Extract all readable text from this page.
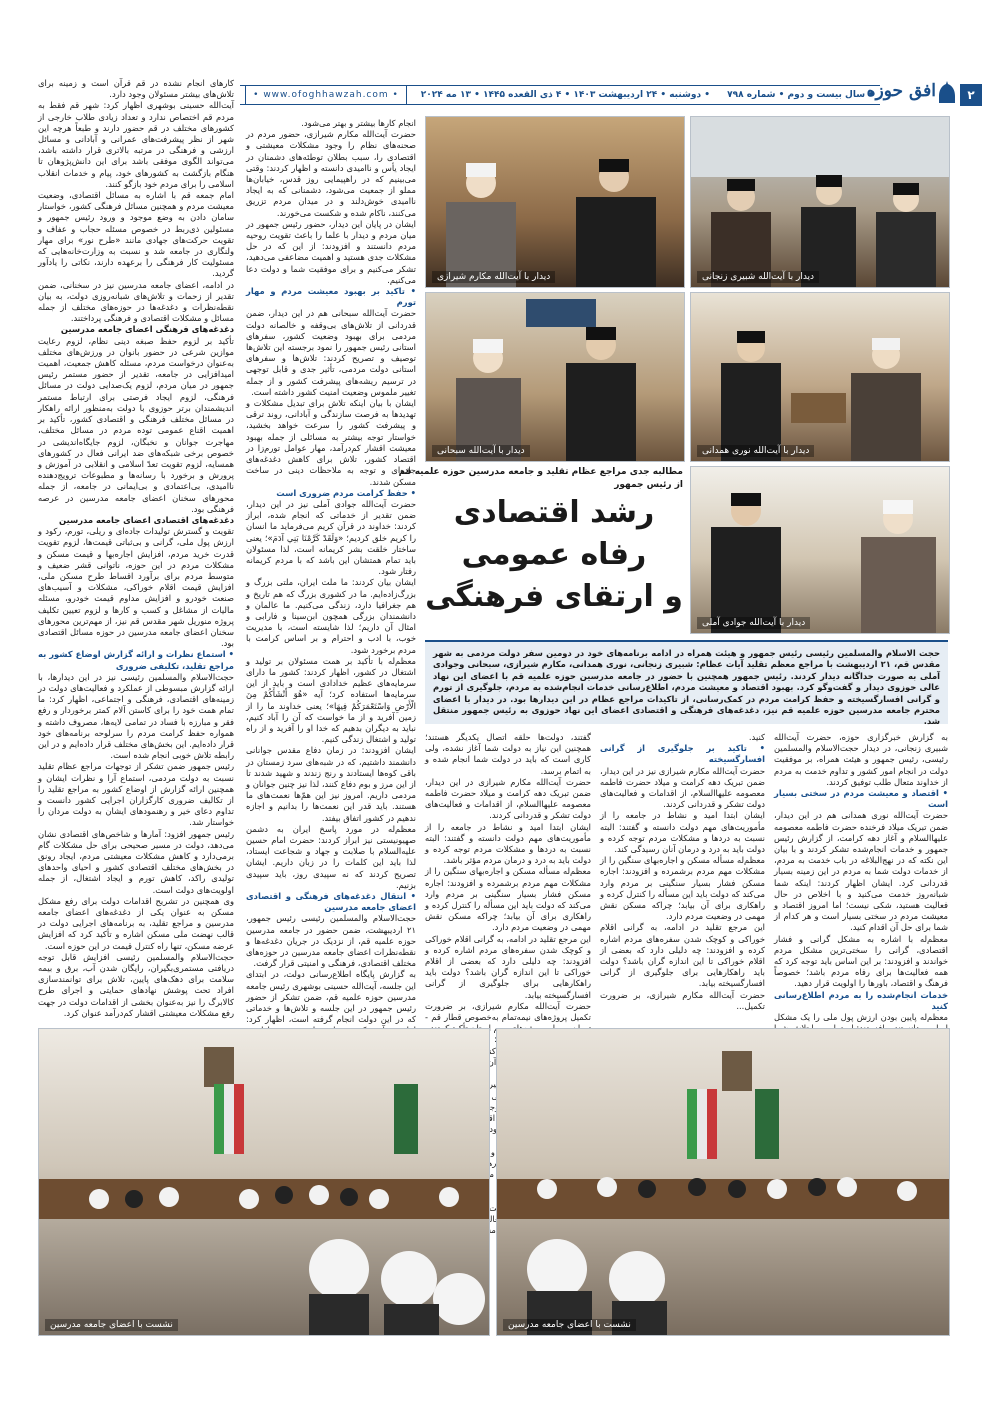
۲
افق حوزه
• سال بیست و دوم • شماره ۷۹۸ • دوشنبه • ۲۴ اردیبهشت ۱۴۰۳ • ۴ ذی القعده ۱۴۴۵ • ۱۳ مه ۲۰۲۴
• www.ofoghhawzah.com •
کارهای انجام نشده در قم قرآن است و زمینه برای تلاش‌های بیشتر مسئولان وجود دارد.
آیت‌الله حسینی بوشهری اظهار کرد: شهر قم فقط به مردم قم اختصاص ندارد و تعداد زیادی طلاب خارجی از کشورهای مختلف در قم حضور دارند و طبعاً هرچه این شهر از نظر پیشرفت‌های عمرانی و آبادانی و مسائل ارزشی و فرهنگی در مرتبه بالاتری قرار داشته باشد، می‌تواند الگوی موفقی باشد برای این دانش‌پژوهان تا هنگام بازگشت به کشورهای خود، پیام و خدمات انقلاب اسلامی را برای مردم خود بازگو کنند.
امام جمعه قم با اشاره به مسائل اقتصادی، وضعیت معیشت مردم و همچنین مسائل فرهنگی کشور، خواستار سامان دادن به وضع موجود و ورود رئیس جمهور و مسئولین ذی‌ربط در خصوص مسئله حجاب و عفاف و تقویت حرکت‌های جهادی مانند «طرح نور» برای مهار ولنگاری در جامعه شد و نسبت به وزارت‌خانه‌هایی که مسئولیت کار فرهنگی را برعهده دارند، نکاتی را یادآور گردید.
در ادامه، اعضای جامعه مدرسین نیز در سخنانی، ضمن تقدیر از زحمات و تلاش‌های شبانه‌روزی دولت، به بیان نقطه‌نظرات و دغدغه‌ها در حوزه‌های مختلف از جمله مسائل و مشکلات اقتصادی و فرهنگی پرداختند.
دغدغه‌های فرهنگی اعضای جامعه مدرسین
تأکید بر لزوم حفظ صبغه دینی نظام، لزوم رعایت موازین شرعی در حضور بانوان در ورزش‌های مختلف به‌عنوان درخواست مردم، مسئله کاهش جمعیت، اهمیت امیدافزایی در جامعه، تقدیر از حضور مستمر رئیس جمهور در میان مردم، لزوم یک‌صدایی دولت در مسائل فرهنگی، لزوم ایجاد فرصتی برای ارتباط مستمر اندیشمندان برتر حوزوی با دولت به‌منظور ارائه راهکار در مسائل مختلف فرهنگی و اقتصادی کشور، تأکید بر اهمیت اقناع عمومی توده مردم در مسائل مختلف، مهاجرت جوانان و نخبگان، لزوم جایگاه‌اندیشی در خصوص برخی شبکه‌های ضد ایرانی فعال در کشورهای همسایه، لزوم تقویت تعدّ اسلامی و انقلابی در آموزش و پرورش و برخورد با رسانه‌ها و مطبوعات ترویج‌دهنده ناامیدی، بی‌اعتمادی و بی‌ایمانی در جامعه، از جمله محورهای سخنان اعضای جامعه مدرسین در عرصه فرهنگی بود.
دغدغه‌های اقتصادی اعضای جامعه مدرسین
تقویت و گسترش تولیدات جاده‌ای و ریلی، تورم، رکود و ارزش پول ملی، گرانی و بی‌ثباتی قیمت‌ها، لزوم تقویت قدرت خرید مردم، افزایش اجاره‌بها و قیمت مسکن و مشکلات مردم در این حوزه، ناتوانی قشر ضعیف و متوسط مردم برای برآورد اقساط طرح مسکن ملی، افزایش قیمت اقلام خوراکی، مشکلات و آسیب‌های صنعت خودرو و افزایش مداوم قیمت خودرو، مسئله مالیات از مشاغل و کسب و کارها و لزوم تعیین تکلیف پروژه منوریل شهر مقدس قم نیز، از مهم‌ترین محورهای سخنان اعضای جامعه مدرسین در حوزه مسائل اقتصادی بود.
• استماع نظرات و ارائه گزارش اوضاع کشور به مراجع تقلید، تکلیفی ضروری
حجت‌الاسلام والمسلمین رئیسی نیز در این دیدارها، با ارائه گزارش مبسوطی از عملکرد و فعالیت‌های دولت در زمینه‌های اقتصادی، فرهنگی و اجتماعی، اظهار کرد: ما تمام همت خود را برای کاستن آلام کمتر برخوردار و رفع فقر و مبارزه با فساد در تمامی لایه‌ها، مصروف داشته و همواره حفظ کرامت مردم را سرلوحه برنامه‌های خود قرار داده‌ایم. این بخش‌های مختلف قرار داده‌ایم و در این رابطه تلاش خوبی انجام شده است.
رئیس جمهور ضمن تشکر از توجهات مراجع عظام تقلید نسبت به دولت مردمی، استماع آرا و نظرات ایشان و همچنین ارائه گزارش از اوضاع کشور به مراجع تقلید را از تکالیف ضروری کارگزاران اجرایی کشور دانست و تداوم دعای خیر و رهنمودهای ایشان به دولت مردان را خواستار شد.
رئیس جمهور افزود: آمارها و شاخص‌های اقتصادی نشان می‌دهد، دولت در مسیر صحیحی برای حل مشکلات گام برمی‌دارد و کاهش مشکلات معیشتی مردم، ایجاد رونق در بخش‌های مختلف اقتصادی کشور و احیای واحدهای تولیدی راکد، کاهش تورم و ایجاد اشتغال، از جمله اولویت‌های دولت است.
وی همچنین در تشریح اقدامات دولت برای رفع مشکل مسکن به عنوان یکی از دغدغه‌های اعضای جامعه مدرسین و مراجع تقلید، به برنامه‌های اجرایی دولت در قالب نهضت ملی مسکن اشاره و تأکید کرد که افزایش عرضه مسکن، تنها راه کنترل قیمت در این حوزه است.
حجت‌الاسلام والمسلمین رئیسی افزایش قابل توجه دریافتی مستمری‌بگیران، رایگان شدن آب، برق و بیمه سلامت برای دهک‌های پایین، تلاش برای توانمندسازی افراد تحت پوشش نهادهای حمایتی و اجرای طرح کالابرگ را نیز به‌عنوان بخشی از اقدامات دولت در جهت رفع مشکلات معیشتی اقشار کم‌درآمد عنوان کرد.
انجام کارها بیشتر و بهتر می‌شود.
حضرت آیت‌الله مکارم شیرازی، حضور مردم در صحنه‌های نظام را وجود مشکلات معیشتی و اقتصادی را، سبب بطلان توطئه‌های دشمنان در ایجاد یأس و ناامیدی دانسته و اظهار کردند: وقتی می‌بینیم که در راهپیمایی روز قدس، خیابان‌ها مملو از جمعیت می‌شود، دشمنانی که به ایجاد ناامیدی خوش‌دلند و در میدان مردم تزریق می‌کنند، ناکام شده و شکست می‌خورند.
ایشان در پایان این دیدار، حضور رئیس جمهور در میان مردم و دیدار با علما را باعث تقویت روحیه مردم دانستند و افزودند: از این که در حل مشکلات جدی هستید و اهمیت مضاعفی می‌دهید، تشکر می‌کنیم و برای موفقیت شما و دولت دعا می‌کنیم.
• تاکید بر بهبود معیشت مردم و مهار تورم
حضرت آیت‌الله سبحانی هم در این دیدار، ضمن قدردانی از تلاش‌های بی‌وقفه و خالصانه دولت مردمی برای بهبود وضعیت کشور، سفرهای استانی رئیس جمهور را نمود برجسته این تلاش‌ها توصیف و تصریح کردند: تلاش‌ها و سفرهای استانی دولت مردمی، تأثیر جدی و قابل توجهی در ترسیم ریشه‌های پیشرفت کشور و از جمله تغییر ملموس وضعیت امنیت کشور داشته است.
ایشان با بیان اینکه تلاش برای تبدیل مشکلات و تهدیدها به فرصت سازندگی و آبادانی، روند ترقی و پیشرفت کشور را سرعت خواهد بخشید، خواستار توجه بیشتر به مسائلی از جمله بهبود معیشت اقشار کم‌درآمد، مهار عوامل تورم‌زا در اقتصاد کشور، تلاش برای کاهش دغدغه‌های جاده‌ای و توجه به ملاحظات دینی در ساخت مسکن شدند.
• حفظ کرامت مردم ضروری است
حضرت آیت‌الله جوادی آملی نیز در این دیدار، ضمن تقدیر از خدماتی که انجام شده، ابراز کردند: خداوند در قرآن کریم می‌فرماید ما انسان را کریم خلق کردیم؛ «وَلَقَدْ کَرَّمْنَا بَنِي آدَمَ»؛ یعنی ساختار خلقت بشر کریمانه است، لذا مسئولان باید تمام همتشان این باشد که با مردم کریمانه رفتار شود.
ایشان بیان کردند: ما ملت ایران، ملتی بزرگ و بزرگ‌زاده‌ایم. ما در کشوری بزرگ که هم تاریخ و هم جغرافیا دارد، زندگی می‌کنیم. ما عالمان و دانشمندان بزرگی همچون ابن‌سینا و فارابی و امثال آن داریم؛ لذا شایسته است، با مدیریت خوب، با ادب و احترام و بر اساس کرامت با مردم برخورد شود.
معظم‌له با تأکید بر همت مسئولان بر تولید و اشتغال در کشور، اظهار کردند: کشور ما دارای سرمایه‌های عظیم خدادادی است و باید از این سرمایه‌ها استفاده کرد؛ آیه «هُوَ أَنْشَأَكُمْ مِنَ الْأَرْضِ وَاسْتَعْمَرَكُمْ فِيهَا»؛ یعنی خداوند ما را از زمین آفرید و از ما خواست که آن را آباد کنیم، نباید به دیگران بدهیم که خدا او را آفرید و از راه تولید و اشتغال زندگی کنیم.
ایشان افزودند: در زمان دفاع مقدس جوانانی دانشمند داشتیم، که در شبه‌های سرد زمستان در باقی کوه‌ها ایستادند و رنج زندند و شهید شدند تا از این مرز و بوم دفاع کنند، لذا نیز چنین جوانان و مردمی داریم. امروز نیز این همّ‌ها نعمت‌های ما هستند. باید قدر این نعمت‌ها را بدانیم و اجازه ندهیم در کشور اتفاق بیفتد.
معظم‌له در مورد پاسخ ایران به دشمن صهیونیستی نیز ابراز کردند: حضرت امام حسین علیه‌السلام با صلابت و جهاد و شجاعت ایستاد، لذا باید این کلمات را در زبان داریم. ایشان تصریح کردند که نه سپیدی روز، باید سپیدی بزنیم.
• انتقال دغدغه‌های فرهنگی و اقتصادی اعضای جامعه مدرسین
حجت‌الاسلام والمسلمین رئیسی رئیس جمهور، ۲۱ اردیبهشت، ضمن حضور در جامعه مدرسین حوزه علمیه قم، از نزدیک در جریان دغدغه‌ها و نقطه‌نظرات اعضای جامعه مدرسین در حوزه‌های مختلف اقتصادی، فرهنگی و امنیتی قرار گرفت.
به گزارش پایگاه اطلاع‌رسانی دولت، در ابتدای این جلسه، آیت‌الله حسینی بوشهری رئیس جامعه مدرسین حوزه علمیه قم، ضمن تشکر از حضور رئیس جمهور در این جلسه و تلاش‌ها و خدماتی که در این دولت انجام گرفته است، اظهار کرد:
دیدار با آیت‌الله شبیری زنجانی
دیدار با آیت‌الله مکارم شیرازی
دیدار با آیت‌الله نوری همدانی
دیدار با آیت‌الله سبحانی
دیدار با آیت‌الله جوادی آملی
مطالبه جدی مراجع عظام تقلید و جامعه مدرسین حوزه علمیه قم
از رئیس جمهور
رشد اقتصادی
رفاه عمومی
و ارتقای فرهنگی
حجت الاسلام والمسلمین رئیسی رئیس جمهور و هیئت همراه در ادامه برنامه‌های خود در دومین سفر دولت مردمی به شهر مقدس قم، ۲۱ اردیبهشت با مراجع معظم تقلید آیات عظام: شبیری زنجانی، نوری همدانی، مکارم شیرازی، سبحانی وجوادی آملی به صورت جداگانه دیدار کردند. رئیس جمهور همچنین با حضور در جامعه مدرسین حوزه علمیه قم با اعضای این نهاد عالی حوزوی دیدار و گفت‌وگو کرد. بهبود اقتصاد و معیشت مردم، اطلاع‌رسانی خدمات انجام‌شده به مردم، جلوگیری از تورم و گرانی افسارگسیخته و حفظ کرامت مردم در کمک‌رسانی، از تاکیدات مراجع عظام در این دیدارها بود. در دیدار با اعضای محترم جامعه مدرسین حوزه علمیه قم نیز، دغدغه‌های فرهنگی و اقتصادی اعضای این نهاد حوزوی به رئیس جمهور منتقل شد.
گفتند، دولت‌ها حلقه اتصال یکدیگر هستند؛ همچنین این نیاز به دولت شما آغاز نشده، ولی کاری است که باید در دولت شما انجام شده و به اتمام برسد.
حضرت آیت‌الله مکارم شیرازی در این دیدار، ضمن تبریک دهه کرامت و میلاد حضرت فاطمه معصومه علیهاالسلام، از اقدامات و فعالیت‌های دولت تشکر و قدردانی کردند.
ایشان ابتدا امید و نشاط در جامعه را از مأموریت‌های مهم دولت دانسته و گفتند: البته نسبت به دردها و مشکلات مردم توجه کرده و دولت باید به درد و درمان مردم مؤثر باشد.
معظم‌له مسأله مسکن و اجاره‌بهای سنگین را از مشکلات مهم مردم برشمرده و افزودند: اجاره مسکن فشار بسیار سنگینی بر مردم وارد می‌کند که دولت باید این مسأله را کنترل کرده و راهکاری برای آن بیابد؛ چراکه مسکن نقش مهمی در وضعیت مردم دارد.
این مرجع تقلید در ادامه، به گرانی اقلام خوراکی و کوچک شدن سفره‌های مردم اشاره کرده و افزودند: چه دلیلی دارد که بعضی از اقلام خوراکی تا این اندازه گران باشد؟ دولت باید راهکارهایی برای جلوگیری از گرانی افسارگسیخته بیابد.
حضرت آیت‌الله مکارم شیرازی، بر ضرورت تکمیل پروژه‌های نیمه‌تمام به‌خصوص قطار قم -
آن
توجهی
و کارهای
فعالیت
کنید.
• تاکید بر جلوگیری از گرانی افسارگسیخته
حضرت آیت‌الله مکارم شیرازی نیز در این دیدار، ضمن تبریک دهه کرامت و میلاد حضرت فاطمه معصومه علیهاالسلام، از اقدامات و فعالیت‌های دولت تشکر و قدردانی کردند.
ایشان ابتدا امید و نشاط در جامعه را از مأموریت‌های مهم دولت دانسته و گفتند: البته نسبت به دردها و مشکلات مردم توجه کرده و دولت باید به درد و درمان آنان رسیدگی کند.
معظم‌له مسأله مسکن و اجاره‌بهای سنگین را از مشکلات مهم مردم برشمرده و افزودند: اجاره مسکن فشار بسیار سنگینی بر مردم وارد می‌کند که دولت باید این مسأله را کنترل کرده و راهکاری برای آن بیابد؛ چراکه مسکن نقش مهمی در وضعیت مردم دارد.
این مرجع تقلید در ادامه، به گرانی اقلام خوراکی و کوچک شدن سفره‌های مردم اشاره کرده و افزودند: چه دلیلی دارد که بعضی از اقلام خوراکی تا این اندازه گران باشد؟ دولت باید راهکارهایی برای جلوگیری از گرانی افسارگسیخته بیابد.
حضرت آیت‌الله مکارم شیرازی، بر ضرورت تکمیل...
به گزارش خبرگزاری حوزه، حضرت آیت‌الله شبیری زنجانی، در دیدار حجت‌الاسلام والمسلمین رئیسی، رئیس جمهور و هیئت همراه، بر موفقیت دولت در انجام امور کشور و تداوم خدمت به مردم از خداوند متعال طلب توفیق کردند.
• اقتصاد و معیشت مردم در سختی بسیار است
حضرت آیت‌الله نوری همدانی هم در این دیدار، ضمن تبریک میلاد فرخنده حضرت فاطمه معصومه علیهاالسلام و آغاز دهه کرامت، از گزارش رئیس جمهور و خدمات انجام‌شده تشکر کردند و با بیان این نکته که در نهج‌البلاغه در باب خدمت به مردم، از خدمات دولت شما به مردم در این زمینه بسیار قدردانی کرد. ایشان اظهار کردند: اینکه شما شبانه‌روز خدمت می‌کنید و با اخلاص در حال فعالیت هستید، شکی نیست؛ اما امروز اقتصاد و معیشت مردم در سختی بسیار است و هر کدام از شما برای حل آن اقدام کنید.
معظم‌له با اشاره به مشکل گرانی و فشار اقتصادی، گرانی را سختی‌ترین مشکل مردم خواندند و افزودند: بر این اساس باید توجه کرد که همه فعالیت‌ها برای رفاه مردم باشد؛ خصوصاً فرهنگ و اقتصاد، باورها را اولویت قرار دهید.
خدمات انجام‌شده را به مردم اطلاع‌رسانی کنید
معظم‌له پایین بودن ارزش پول ملی را یک مشکل
نشست با اعضای جامعه مدرسین	نشست با اعضای جامعه مدرسین
